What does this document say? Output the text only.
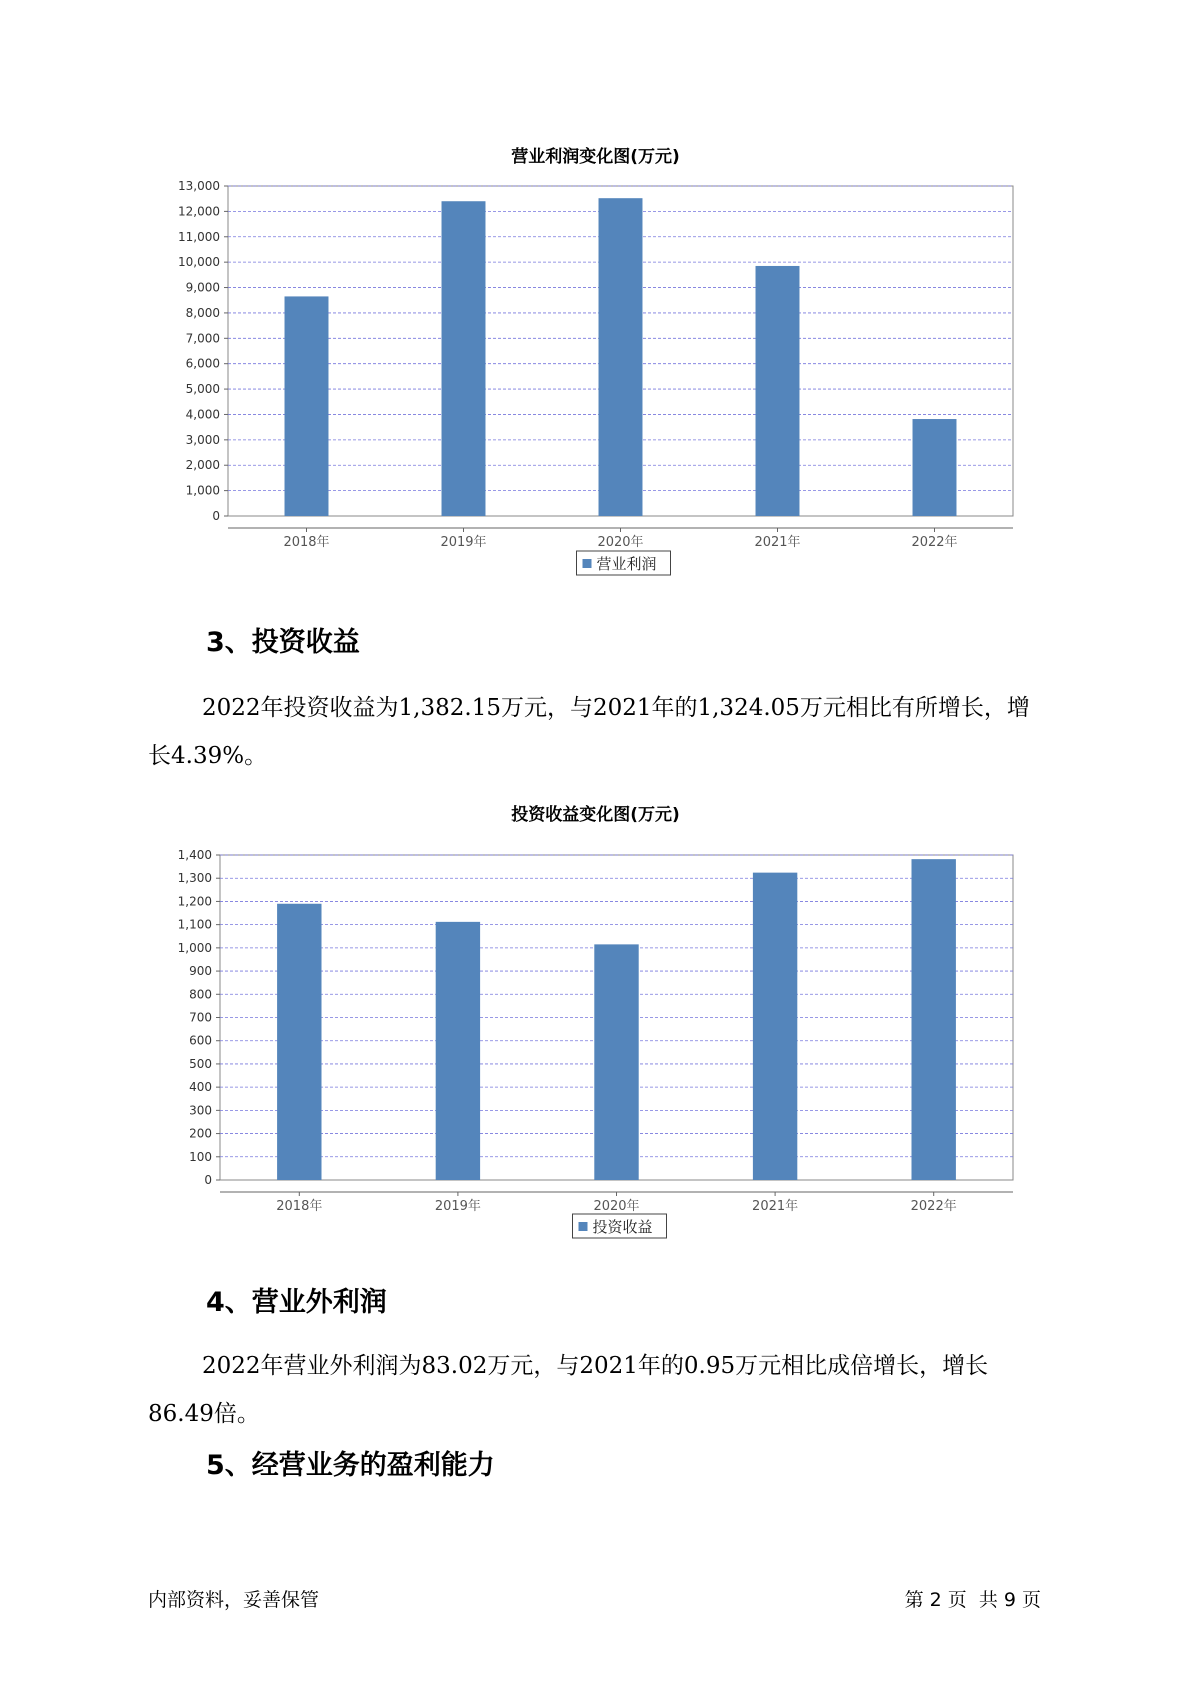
营业利润变化图(万元)
0
1,000
2,000
3,000
4,000
5,000
6,000
7,000
8,000
9,000
10,000
11,000
12,000
13,000
2018年	2019年	2020年	2021年	2022年
营业利润
3、投资收益

2022年投资收益为1,382.15万元，与2021年的1,324.05万元相比有所增长，增长4.39%。

投资收益变化图(万元)
0
100
200
300
400
500
600
700
800
900
1,000
1,100
1,200
1,300
1,400
2018年	2019年	2020年	2021年	2022年
投资收益
4、营业外利润

2022年营业外利润为83.02万元，与2021年的0.95万元相比成倍增长，增长86.49倍。

5、经营业务的盈利能力
内部资料，妥善保管	第 2 页  共 9 页
